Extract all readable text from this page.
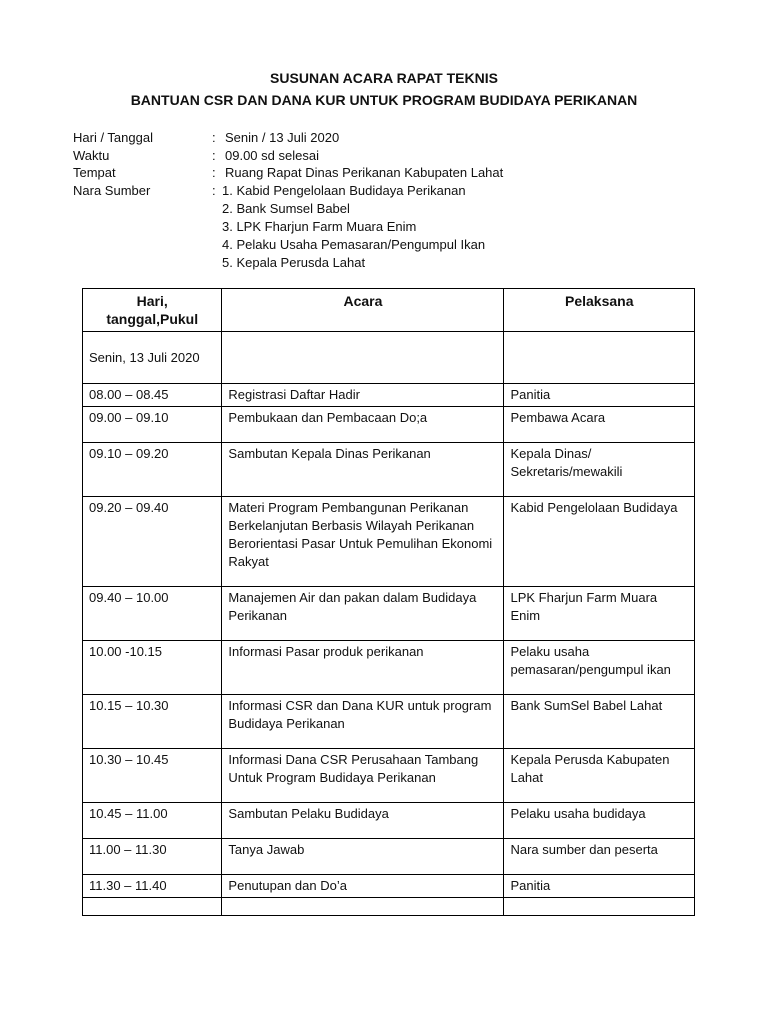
SUSUNAN ACARA RAPAT TEKNIS
BANTUAN CSR DAN DANA KUR UNTUK PROGRAM BUDIDAYA PERIKANAN
Hari / Tanggal	: Senin / 13 Juli 2020
Waktu	: 09.00 sd selesai
Tempat	: Ruang Rapat Dinas Perikanan Kabupaten Lahat
Nara Sumber	: 1. Kabid Pengelolaan Budidaya Perikanan
2. Bank Sumsel Babel
3. LPK Fharjun Farm Muara Enim
4. Pelaku Usaha Pemasaran/Pengumpul Ikan
5. Kepala Perusda Lahat
Hari, tanggal,Pukul	Acara	Pelaksana
Senin, 13 Juli 2020		
08.00 – 08.45	Registrasi Daftar Hadir	Panitia
09.00 – 09.10	Pembukaan dan Pembacaan Do;a	Pembawa Acara
09.10 – 09.20	Sambutan Kepala Dinas Perikanan	Kepala Dinas/ Sekretaris/mewakili
09.20 – 09.40	Materi Program Pembangunan Perikanan Berkelanjutan Berbasis Wilayah Perikanan Berorientasi Pasar Untuk Pemulihan Ekonomi Rakyat	Kabid Pengelolaan Budidaya
09.40 – 10.00	Manajemen Air dan pakan dalam Budidaya Perikanan	LPK Fharjun Farm Muara Enim
10.00 -10.15	Informasi Pasar produk perikanan	Pelaku usaha pemasaran/pengumpul ikan
10.15 – 10.30	Informasi CSR dan Dana KUR untuk program Budidaya Perikanan	Bank SumSel Babel Lahat
10.30 – 10.45	Informasi Dana CSR Perusahaan Tambang Untuk Program Budidaya Perikanan	Kepala Perusda Kabupaten Lahat
10.45 – 11.00	Sambutan Pelaku Budidaya	Pelaku usaha budidaya
11.00 – 11.30	Tanya Jawab	Nara sumber dan peserta
11.30 – 11.40	Penutupan dan Do’a	Panitia
